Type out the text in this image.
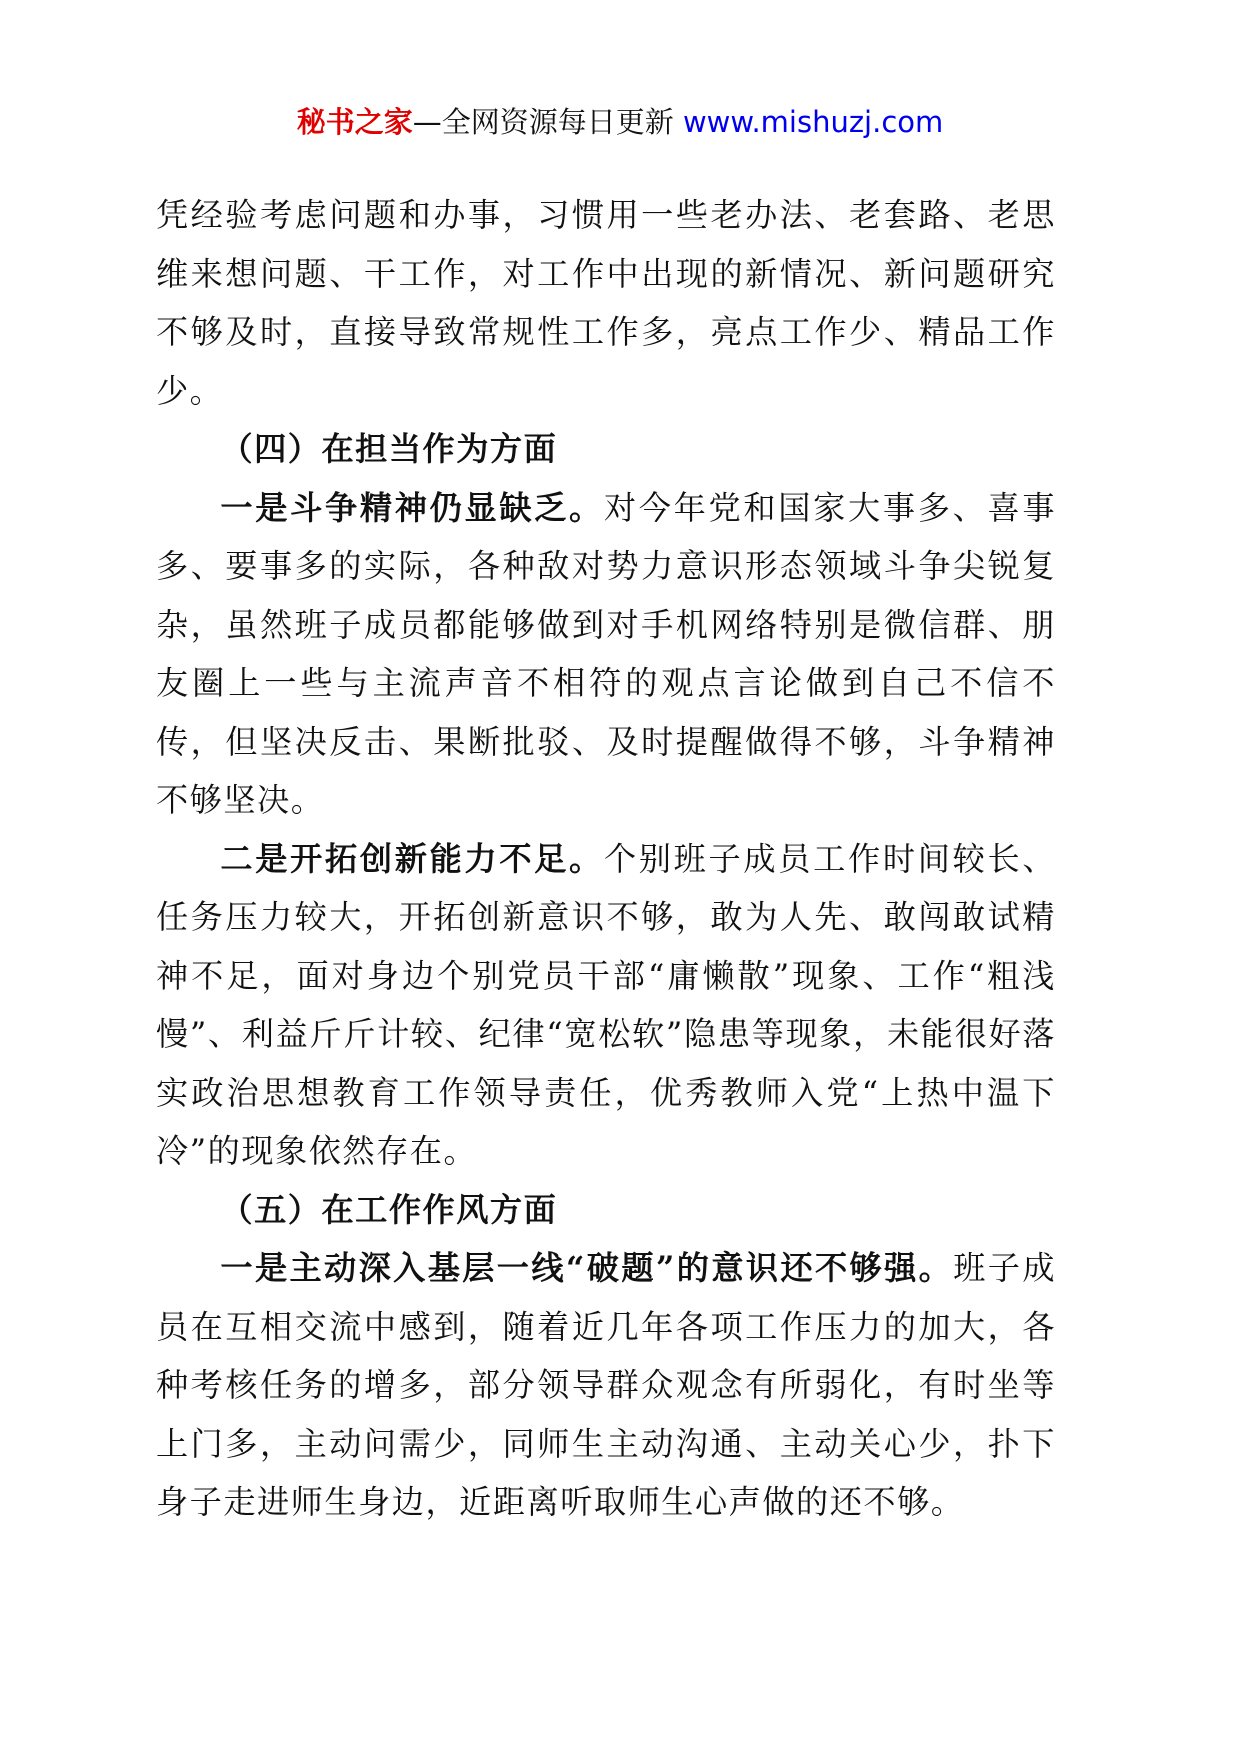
秘书之家—全网资源每日更新 www.mishuzj.com

凭经验考虑问题和办事，习惯用一些老办法、老套路、老思维来想问题、干工作，对工作中出现的新情况、新问题研究不够及时，直接导致常规性工作多，亮点工作少、精品工作少。

（四）在担当作为方面

一是斗争精神仍显缺乏。对今年党和国家大事多、喜事多、要事多的实际，各种敌对势力意识形态领域斗争尖锐复杂，虽然班子成员都能够做到对手机网络特别是微信群、朋友圈上一些与主流声音不相符的观点言论做到自己不信不传，但坚决反击、果断批驳、及时提醒做得不够，斗争精神不够坚决。

二是开拓创新能力不足。个别班子成员工作时间较长、任务压力较大，开拓创新意识不够，敢为人先、敢闯敢试精神不足，面对身边个别党员干部“庸懒散”现象、工作“粗浅慢”、利益斤斤计较、纪律“宽松软”隐患等现象，未能很好落实政治思想教育工作领导责任，优秀教师入党“上热中温下冷”的现象依然存在。

（五）在工作作风方面

一是主动深入基层一线“破题”的意识还不够强。班子成员在互相交流中感到，随着近几年各项工作压力的加大，各种考核任务的增多，部分领导群众观念有所弱化，有时坐等上门多，主动问需少，同师生主动沟通、主动关心少，扑下身子走进师生身边，近距离听取师生心声做的还不够。
